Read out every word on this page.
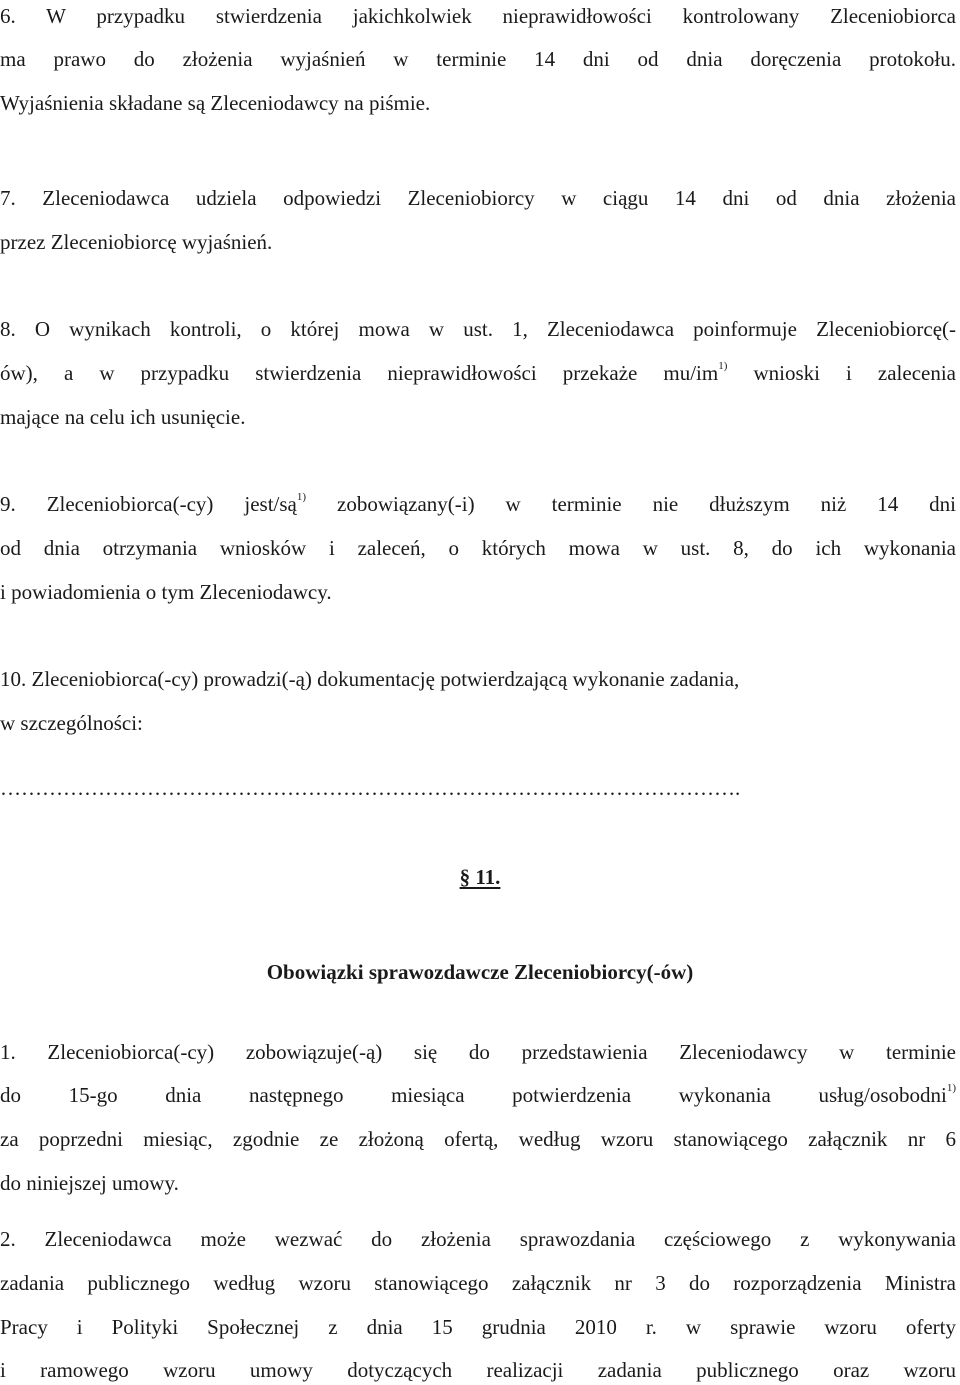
6. W przypadku stwierdzenia jakichkolwiek nieprawidłowości kontrolowany Zleceniobiorca
ma prawo do złożenia wyjaśnień w terminie 14 dni od dnia doręczenia protokołu.
Wyjaśnienia składane są Zleceniodawcy na piśmie.
7. Zleceniodawca udziela odpowiedzi Zleceniobiorcy w ciągu 14 dni od dnia złożenia
przez Zleceniobiorcę wyjaśnień.
8. O wynikach kontroli, o której mowa w ust. 1, Zleceniodawca poinformuje Zleceniobiorcę(-
ów), a w przypadku stwierdzenia nieprawidłowości przekaże $mu/im^{1)}$ wnioski i zalecenia
mające na celu ich usunięcie.
9. Zleceniobiorca(-cy) jest/$są^{1)}$ zobowiązany(-i) w terminie nie dłuższym niż 14 dni
od dnia otrzymania wniosków i zaleceń, o których mowa w ust. 8, do ich wykonania
i powiadomienia o tym Zleceniodawcy.
10. Zleceniobiorca(-cy) prowadzi(-ą) dokumentację potwierdzającą wykonanie zadania,
w szczególności:
…………………………………………………………………………………………….
§ 11.
Obowiązki sprawozdawcze Zleceniobiorcy(-ów)
1. Zleceniobiorca(-cy) zobowiązuje(-ą) się do przedstawienia Zleceniodawcy w terminie
do 15-go dnia następnego miesiąca potwierdzenia wykonania usług/osobodni$^{1)}$
za poprzedni miesiąc, zgodnie ze złożoną ofertą, według wzoru stanowiącego załącznik nr 6
do niniejszej umowy.
2. Zleceniodawca może wezwać do złożenia sprawozdania częściowego z wykonywania
zadania publicznego według wzoru stanowiącego załącznik nr 3 do rozporządzenia Ministra
Pracy i Polityki Społecznej z dnia 15 grudnia 2010 r. w sprawie wzoru oferty
i ramowego wzoru umowy dotyczących realizacji zadania publicznego oraz wzoru
